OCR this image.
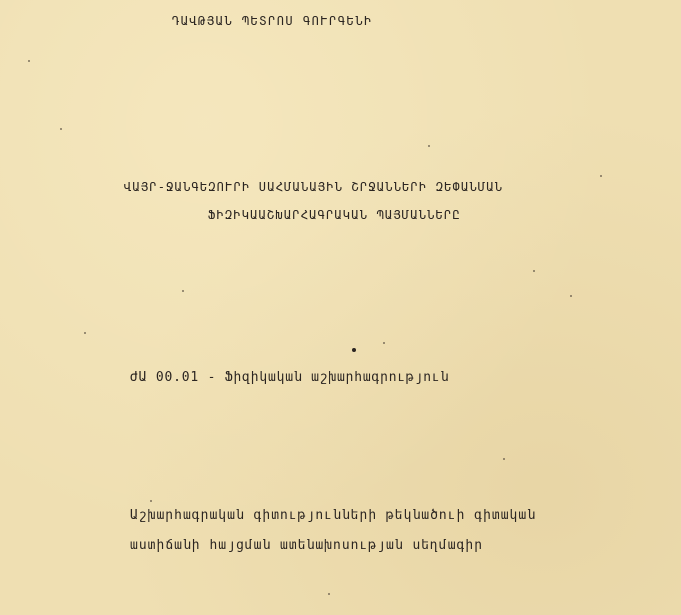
ԴԱՎԹՅԱՆ ՊԵՏՐՈՍ ԳՈՒՐԳԵՆԻ
ՎԱՅՐ-ՋԱՆԳԵԶՈՒՐԻ ՍԱՀՄԱՆԱՅԻՆ ՇՐՋԱՆՆԵՐԻ ԶԵՓԱՆՄԱՆ
ՖԻԶԻԿԱԱՇԽԱՐՀԱԳՐԱԿԱՆ ՊԱՅՄԱՆՆԵՐԸ
ԺԱ 00.01 - Ֆիզիկական աշխարհագրություն
Աշխարհագրական գիտությունների թեկնածուի գիտական
աստիճանի հայցման ատենախոսության սեղմագիր
